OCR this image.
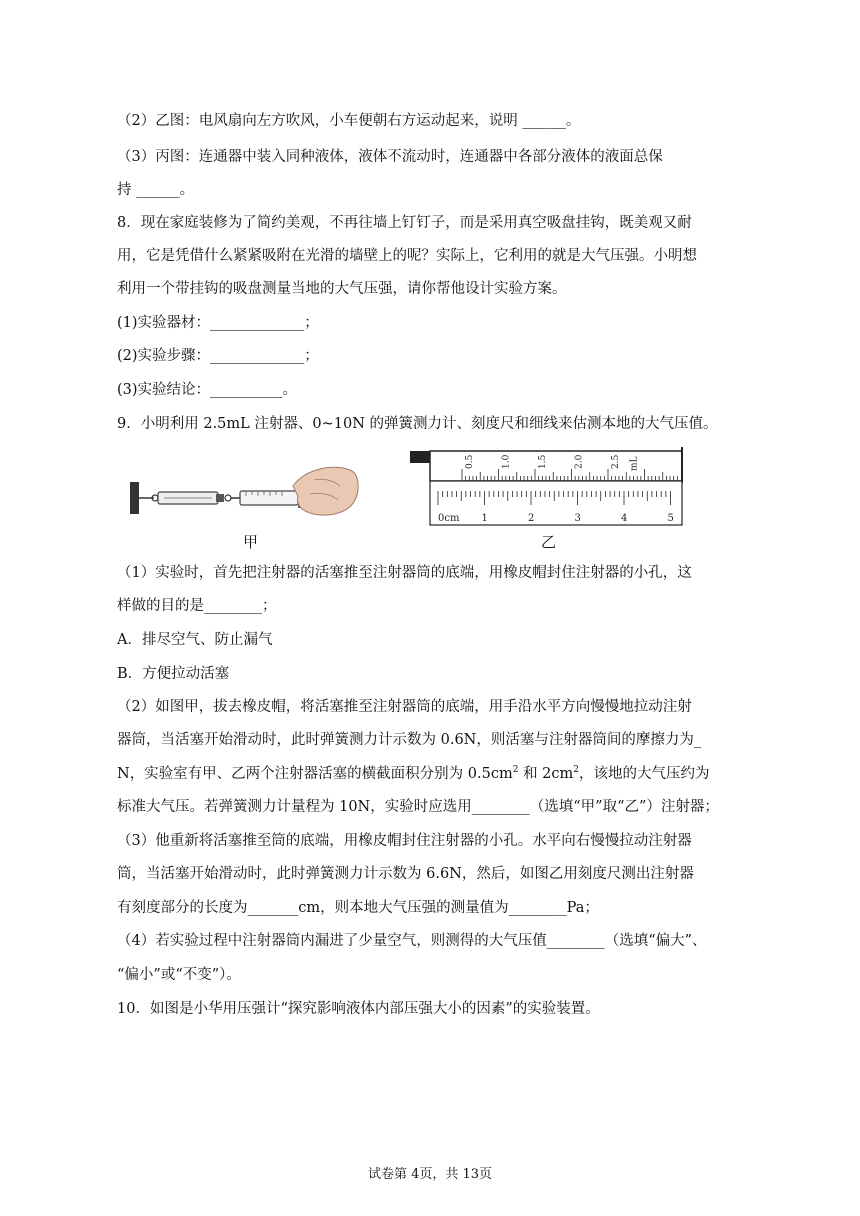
（2）乙图：电风扇向左方吹风，小车便朝右方运动起来，说明 ______。
（3）丙图：连通器中装入同种液体，液体不流动时，连通器中各部分液体的液面总保
持 ______。
8．现在家庭装修为了简约美观，不再往墙上钉钉子，而是采用真空吸盘挂钩，既美观又耐
用，它是凭借什么紧紧吸附在光滑的墙壁上的呢？实际上，它利用的就是大气压强。小明想
利用一个带挂钩的吸盘测量当地的大气压强，请你帮他设计实验方案。
(1)实验器材：_____________；
(2)实验步骤：_____________；
(3)实验结论：__________。
9．小明利用 2.5mL 注射器、0~10N 的弹簧测力计、刻度尺和细线来估测本地的大气压值。
甲
0.5	1.0	1.5	2.0	2.5 mL
0cm 1	2	3	4	5
乙
（1）实验时，首先把注射器的活塞推至注射器筒的底端，用橡皮帽封住注射器的小孔，这
样做的目的是________；
A．排尽空气、防止漏气
B．方便拉动活塞
（2）如图甲，拔去橡皮帽，将活塞推至注射器筒的底端，用手沿水平方向慢慢地拉动注射
器筒，当活塞开始滑动时，此时弹簧测力计示数为 0.6N，则活塞与注射器筒间的摩擦力为_
N，实验室有甲、乙两个注射器活塞的横截面积分别为 $0.5cm^2$ 和 $2cm^2$，该地的大气压约为
标准大气压。若弹簧测力计量程为 10N，实验时应选用________（选填“甲”取“乙”）注射器；
（3）他重新将活塞推至筒的底端，用橡皮帽封住注射器的小孔。水平向右慢慢拉动注射器
筒，当活塞开始滑动时，此时弹簧测力计示数为 6.6N，然后，如图乙用刻度尺测出注射器
有刻度部分的长度为_______cm，则本地大气压强的测量值为________Pa；
（4）若实验过程中注射器筒内漏进了少量空气，则测得的大气压值________（选填“偏大”、
“偏小”或“不变”）。
10．如图是小华用压强计“探究影响液体内部压强大小的因素”的实验装置。
试卷第 4页，共 13页
